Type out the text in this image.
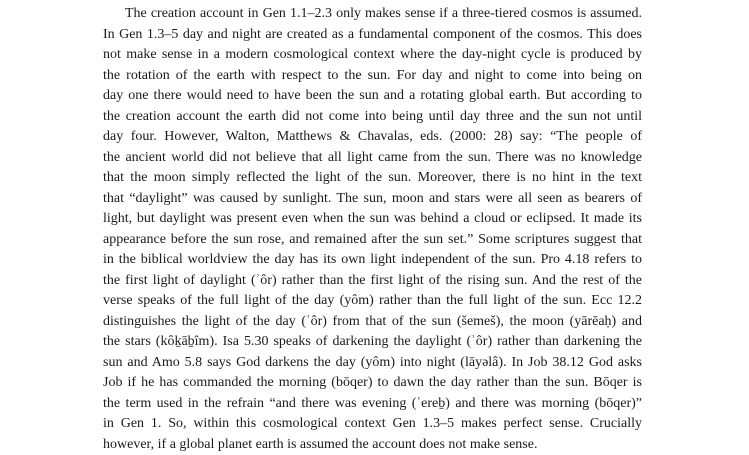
The creation account in Gen 1.1–2.3 only makes sense if a three-tiered cosmos is assumed.
In Gen 1.3–5 day and night are created as a fundamental component of the cosmos. This does
not make sense in a modern cosmological context where the day-night cycle is produced by
the rotation of the earth with respect to the sun. For day and night to come into being on
day one there would need to have been the sun and a rotating global earth. But according to
the creation account the earth did not come into being until day three and the sun not until
day four. However, Walton, Matthews & Chavalas, eds. (2000: 28) say: “The people of
the ancient world did not believe that all light came from the sun. There was no knowledge
that the moon simply reflected the light of the sun. Moreover, there is no hint in the text
that “daylight” was caused by sunlight. The sun, moon and stars were all seen as bearers of
light, but daylight was present even when the sun was behind a cloud or eclipsed. It made its
appearance before the sun rose, and remained after the sun set.” Some scriptures suggest that
in the biblical worldview the day has its own light independent of the sun. Pro 4.18 refers to
the first light of daylight (ʾôr) rather than the first light of the rising sun. And the rest of the
verse speaks of the full light of the day (yôm) rather than the full light of the sun. Ecc 12.2
distinguishes the light of the day (ʾôr) from that of the sun (šemeš), the moon (yārēaḥ) and
the stars (kôḵāḇîm). Isa 5.30 speaks of darkening the daylight (ʾôr) rather than darkening the
sun and Amo 5.8 says God darkens the day (yôm) into night (lāyəlâ). In Job 38.12 God asks
Job if he has commanded the morning (bōqer) to dawn the day rather than the sun. Bōqer is
the term used in the refrain “and there was evening (ʿereḇ) and there was morning (bōqer)”
in Gen 1. So, within this cosmological context Gen 1.3–5 makes perfect sense. Crucially
however, if a global planet earth is assumed the account does not make sense.
